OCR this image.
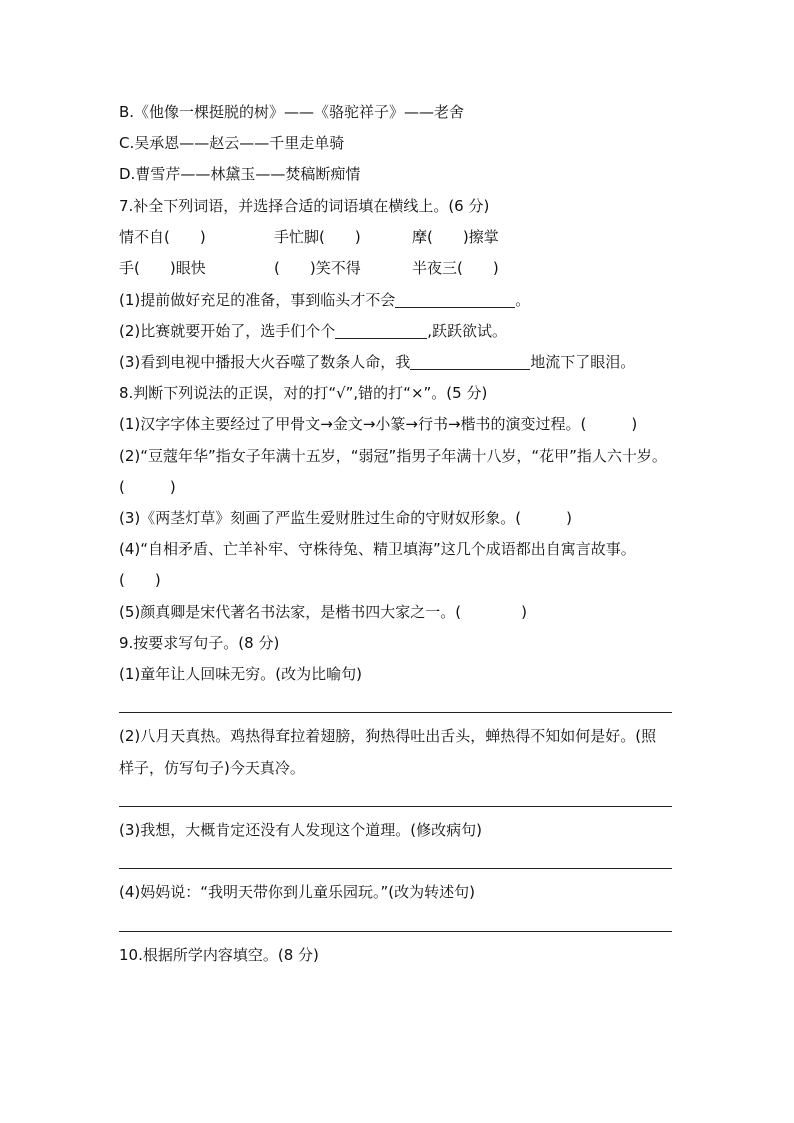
B.《他像一棵挺脱的树》——《骆驼祥子》——老舍
C.吴承恩——赵云——千里走单骑
D.曹雪芹——林黛玉——焚稿断痴情
7.补全下列词语，并选择合适的词语填在横线上。(6 分)
情不自(　　)	手忙脚(　　)	摩(　　)擦掌
手(　　)眼快	(　　)笑不得	半夜三(　　)
(1)提前做好充足的准备，事到临头才不会	。
(2)比赛就要开始了，选手们个个	,跃跃欲试。
(3)看到电视中播报大火吞噬了数条人命，我	地流下了眼泪。
8.判断下列说法的正误，对的打“√”,错的打“×”。(5 分)
(1)汉字字体主要经过了甲骨文→金文→小篆→行书→楷书的演变过程。(　　　)
(2)“豆蔻年华”指女子年满十五岁，“弱冠”指男子年满十八岁，“花甲”指人六十岁。
(　　　)
(3)《两茎灯草》刻画了严监生爱财胜过生命的守财奴形象。(　　　)
(4)“自相矛盾、亡羊补牢、守株待兔、精卫填海”这几个成语都出自寓言故事。
(　　)
(5)颜真卿是宋代著名书法家，是楷书四大家之一。(　　　　)
9.按要求写句子。(8 分)
(1)童年让人回味无穷。(改为比喻句)
(2)八月天真热。鸡热得耷拉着翅膀，狗热得吐出舌头，蝉热得不知如何是好。(照
样子，仿写句子)今天真冷。
(3)我想，大概肯定还没有人发现这个道理。(修改病句)
(4)妈妈说：“我明天带你到儿童乐园玩。”(改为转述句)
10.根据所学内容填空。(8 分)
